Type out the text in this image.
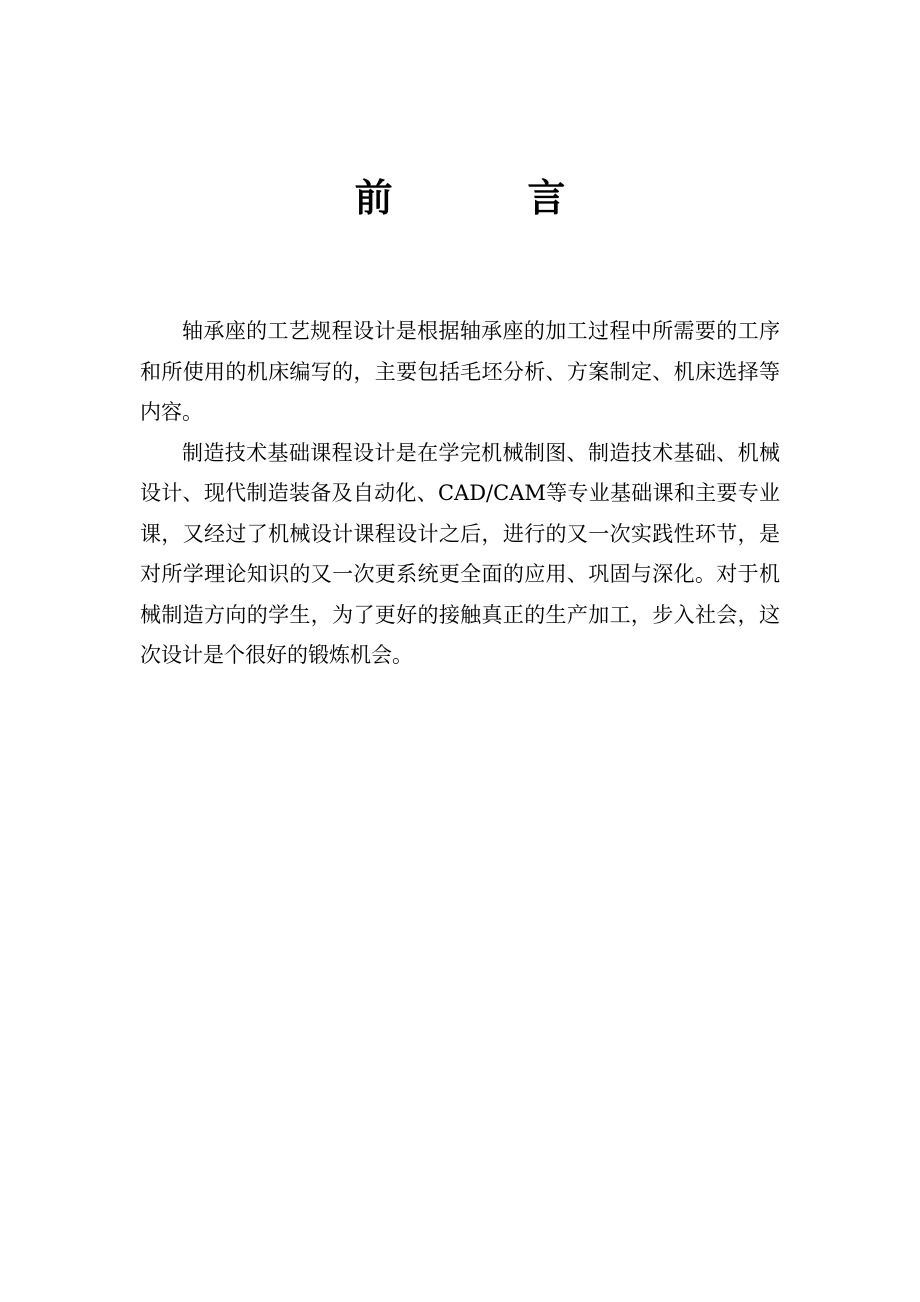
前 言

轴承座的工艺规程设计是根据轴承座的加工过程中所需要的工序和所使用的机床编写的，主要包括毛坯分析、方案制定、机床选择等内容。

制造技术基础课程设计是在学完机械制图、制造技术基础、机械设计、现代制造装备及自动化、CAD/CAM等专业基础课和主要专业课，又经过了机械设计课程设计之后，进行的又一次实践性环节，是对所学理论知识的又一次更系统更全面的应用、巩固与深化。对于机械制造方向的学生，为了更好的接触真正的生产加工，步入社会，这次设计是个很好的锻炼机会。
